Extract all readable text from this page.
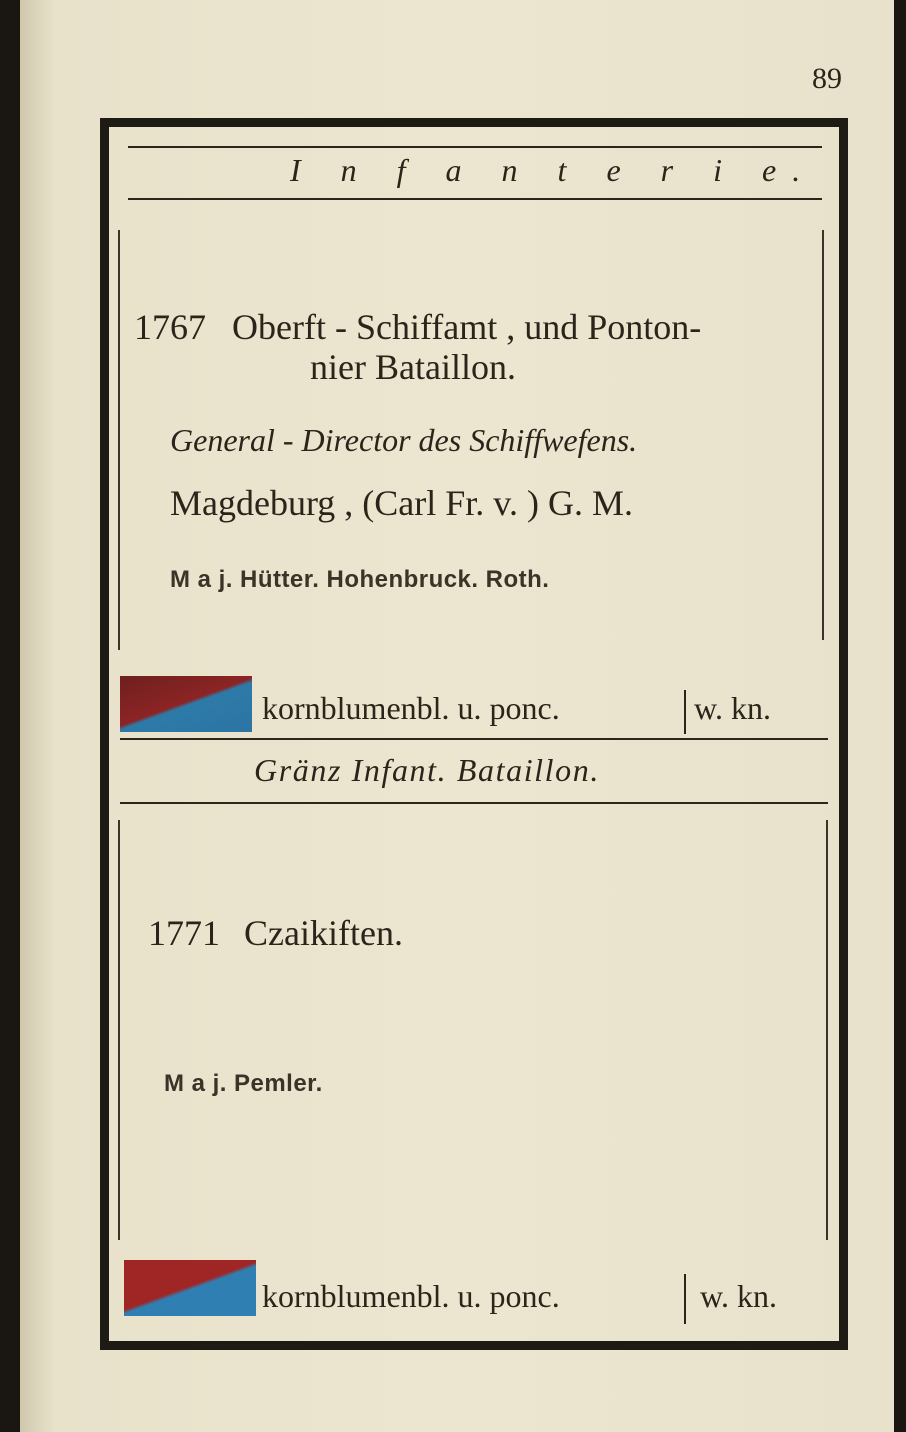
89
I n f a n t e r i e.
1767 Oberft - Schiffamt , und Ponton-
nier Bataillon.
General - Director des Schiffwefens.
Magdeburg , (Carl Fr. v. ) G. M.
M a j. Hütter. Hohenbruck. Roth.
kornblumenbl. u. ponc.	w. kn.
Gränz Infant. Bataillon.
1771 Czaikiften.
M a j. Pemler.
kornblumenbl. u. ponc.	w. kn.
